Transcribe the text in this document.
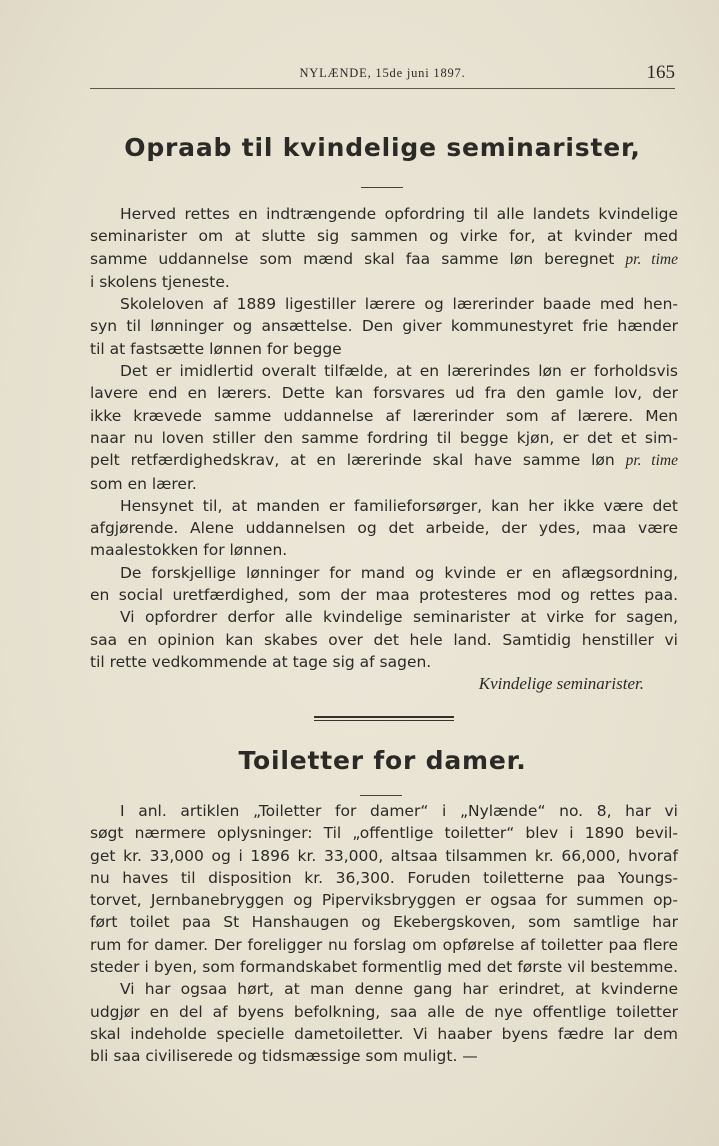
NYLÆNDE, 15de juni 1897.	165
Opraab til kvindelige seminarister,
Herved rettes en indtrængende opfordring til alle landets kvindelige
seminarister om at slutte sig sammen og virke for, at kvinder med
samme uddannelse som mænd skal faa samme løn beregnet pr. time
i skolens tjeneste.
Skoleloven af 1889 ligestiller lærere og lærerinder baade med hen-
syn til lønninger og ansættelse. Den giver kommunestyret frie hænder
til at fastsætte lønnen for begge
Det er imidlertid overalt tilfælde, at en lærerindes løn er forholdsvis
lavere end en lærers. Dette kan forsvares ud fra den gamle lov, der
ikke krævede samme uddannelse af lærerinder som af lærere. Men
naar nu loven stiller den samme fordring til begge kjøn, er det et sim-
pelt retfærdighedskrav, at en lærerinde skal have samme løn pr. time
som en lærer.
Hensynet til, at manden er familieforsørger, kan her ikke være det
afgjørende. Alene uddannelsen og det arbeide, der ydes, maa være
maalestokken for lønnen.
De forskjellige lønninger for mand og kvinde er en aflægsordning,
en social uretfærdighed, som der maa protesteres mod og rettes paa.
Vi opfordrer derfor alle kvindelige seminarister at virke for sagen,
saa en opinion kan skabes over det hele land. Samtidig henstiller vi
til rette vedkommende at tage sig af sagen.
Kvindelige seminarister.
Toiletter for damer.
I anl. artiklen „Toiletter for damer“ i „Nylænde“ no. 8, har vi
søgt nærmere oplysninger: Til „offentlige toiletter“ blev i 1890 bevil-
get kr. 33,000 og i 1896 kr. 33,000, altsaa tilsammen kr. 66,000, hvoraf
nu haves til disposition kr. 36,300. Foruden toiletterne paa Youngs-
torvet, Jernbanebryggen og Piperviksbryggen er ogsaa for summen op-
ført toilet paa St Hanshaugen og Ekebergskoven, som samtlige har
rum for damer. Der foreligger nu forslag om opførelse af toiletter paa flere
steder i byen, som formandskabet formentlig med det første vil bestemme.
Vi har ogsaa hørt, at man denne gang har erindret, at kvinderne
udgjør en del af byens befolkning, saa alle de nye offentlige toiletter
skal indeholde specielle dametoiletter. Vi haaber byens fædre lar dem
bli saa civiliserede og tidsmæssige som muligt. —
